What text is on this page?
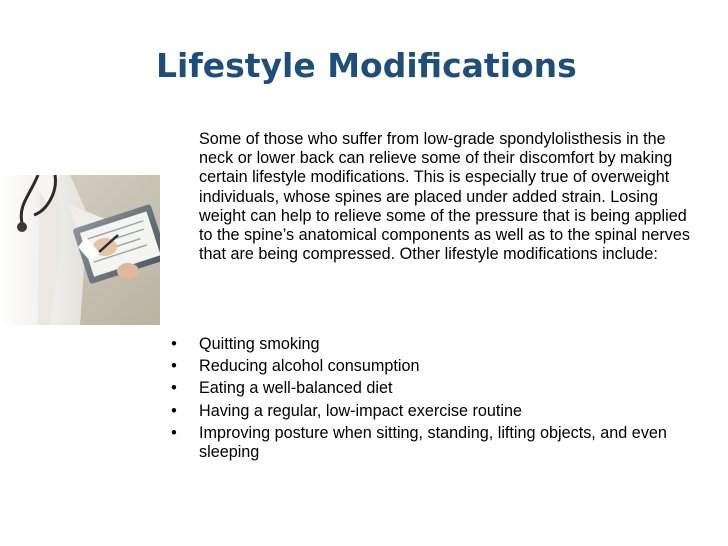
Lifestyle Modifications

Some of those who suffer from low-grade spondylolisthesis in the neck or lower back can relieve some of their discomfort by making certain lifestyle modifications. This is especially true of overweight individuals, whose spines are placed under added strain. Losing weight can help to relieve some of the pressure that is being applied to the spine’s anatomical components as well as to the spinal nerves that are being compressed. Other lifestyle modifications include:

• Quitting smoking
• Reducing alcohol consumption
• Eating a well-balanced diet
• Having a regular, low-impact exercise routine
• Improving posture when sitting, standing, lifting objects, and even sleeping
